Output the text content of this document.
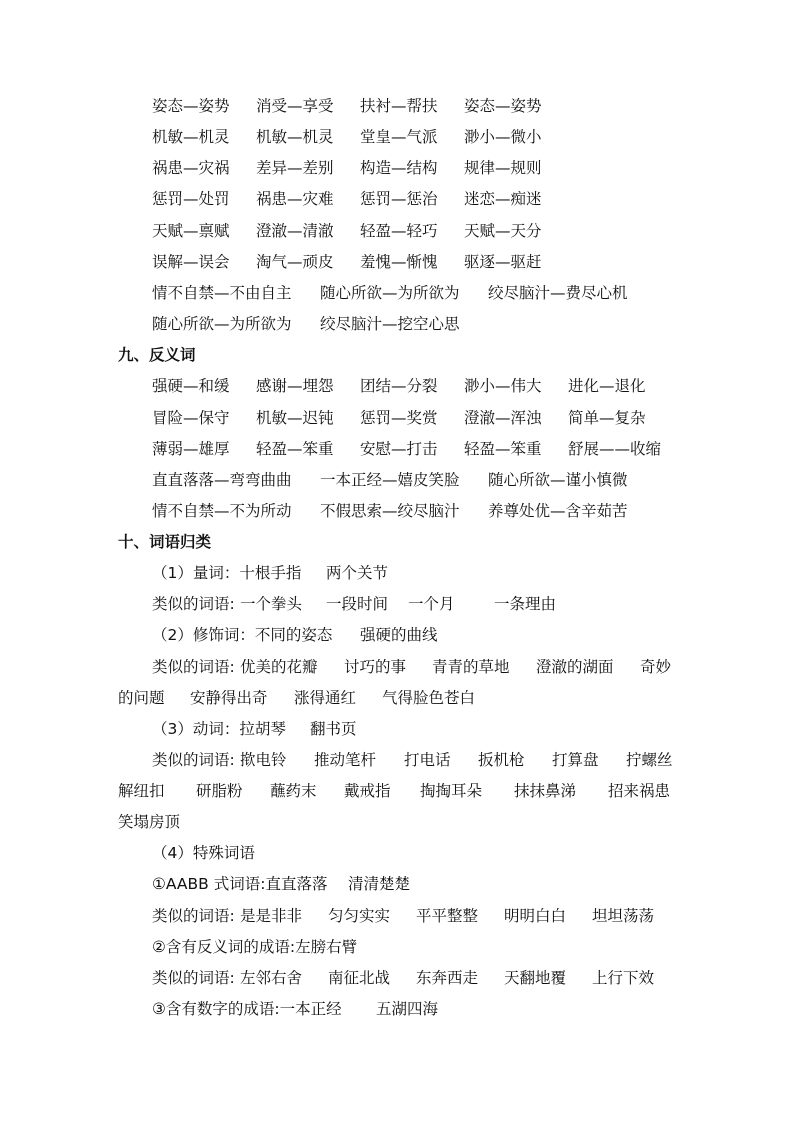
姿态—姿势 消受—享受 扶衬—帮扶 姿态—姿势
机敏—机灵 机敏—机灵 堂皇—气派 渺小—微小
祸患—灾祸 差异—差别 构造—结构 规律—规则
惩罚—处罚 祸患—灾难 惩罚—惩治 迷恋—痴迷
天赋—禀赋 澄澈—清澈 轻盈—轻巧 天赋—天分
误解—误会 淘气—顽皮 羞愧—惭愧 驱逐—驱赶
情不自禁—不由自主 随心所欲—为所欲为 绞尽脑汁—费尽心机
随心所欲—为所欲为 绞尽脑汁—挖空心思
九、反义词
强硬—和缓 感谢—埋怨 团结—分裂 渺小—伟大 进化—退化
冒险—保守 机敏—迟钝 惩罚—奖赏 澄澈—浑浊 简单—复杂
薄弱—雄厚 轻盈—笨重 安慰—打击 轻盈—笨重 舒展——收缩
直直落落—弯弯曲曲 一本正经—嬉皮笑脸 随心所欲—谨小慎微
情不自禁—不为所动 不假思索—绞尽脑汁 养尊处优—含辛茹苦
十、词语归类
（1）量词：十根手指 两个关节
类似的词语: 一个拳头 一段时间 一个月	一条理由
（2）修饰词：不同的姿态 强硬的曲线
类似的词语: 优美的花瓣 讨巧的事 青青的草地 澄澈的湖面 奇妙
的问题 安静得出奇 涨得通红 气得脸色苍白
（3）动词：拉胡琴 翻书页
类似的词语: 揿电铃 推动笔杆 打电话 扳机枪 打算盘 拧螺丝
解纽扣 研脂粉 蘸药末 戴戒指 掏掏耳朵 抹抹鼻涕 招来祸患
笑塌房顶
（4）特殊词语
①AABB 式词语:直直落落 清清楚楚
类似的词语: 是是非非 匀匀实实 平平整整 明明白白 坦坦荡荡
②含有反义词的成语:左膀右臂
类似的词语: 左邻右舍 南征北战 东奔西走 天翻地覆 上行下效
③含有数字的成语:一本正经 五湖四海
